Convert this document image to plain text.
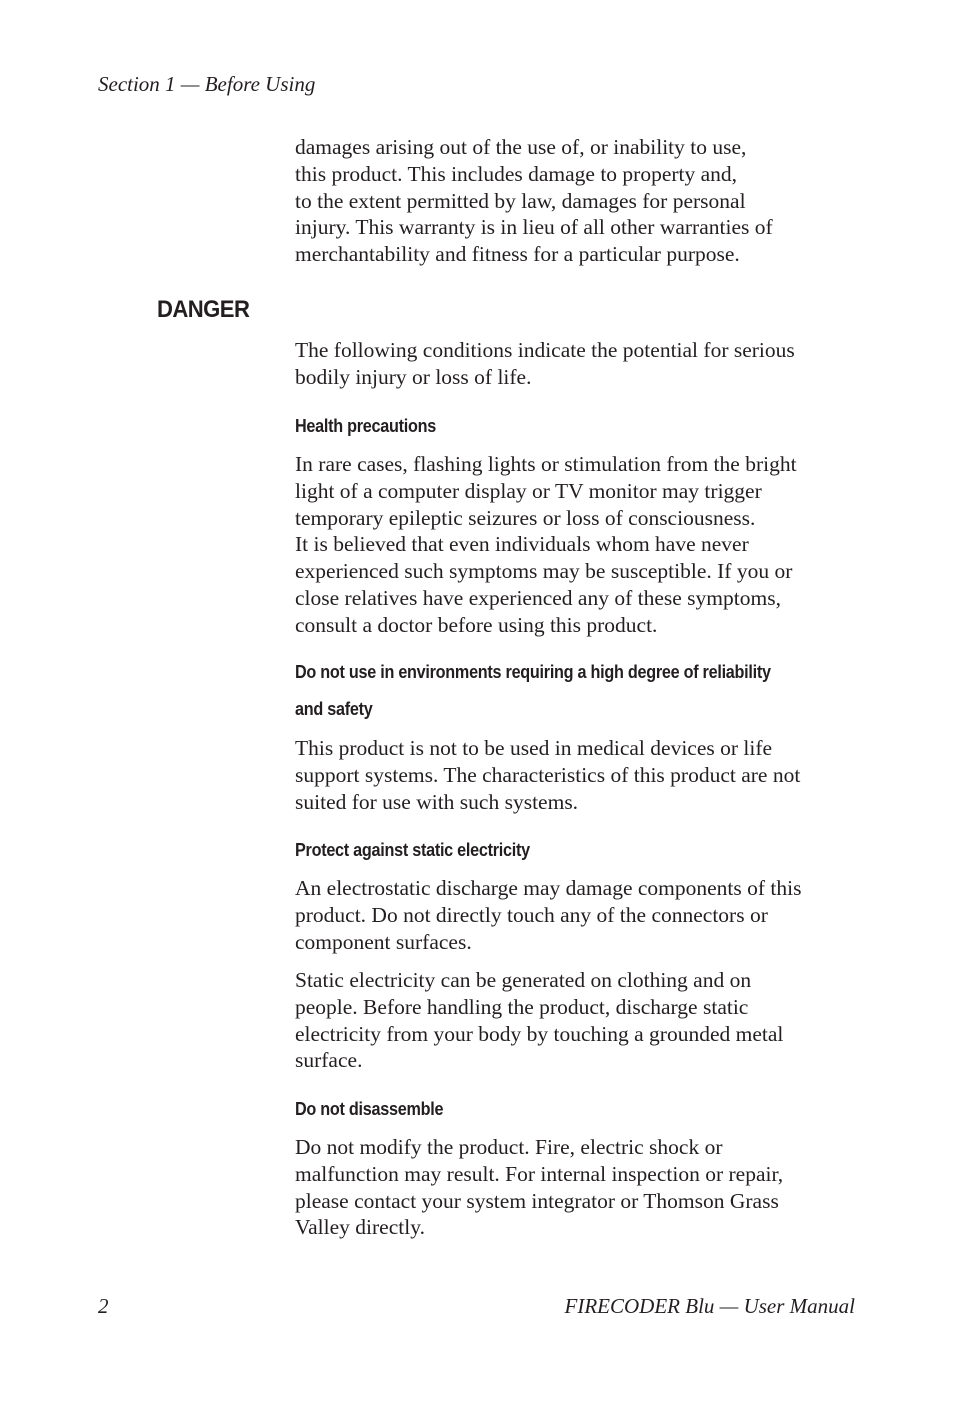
Section 1 — Before Using

damages arising out of the use of, or inability to use,
this product. This includes damage to property and,
to the extent permitted by law, damages for personal
injury. This warranty is in lieu of all other warranties of
merchantability and fitness for a particular purpose.

DANGER

The following conditions indicate the potential for serious
bodily injury or loss of life.

Health precautions

In rare cases, flashing lights or stimulation from the bright
light of a computer display or TV monitor may trigger
temporary epileptic seizures or loss of consciousness.
It is believed that even individuals whom have never
experienced such symptoms may be susceptible. If you or
close relatives have experienced any of these symptoms,
consult a doctor before using this product.

Do not use in environments requiring a high degree of reliability
and safety

This product is not to be used in medical devices or life
support systems. The characteristics of this product are not
suited for use with such systems.

Protect against static electricity

An electrostatic discharge may damage components of this
product. Do not directly touch any of the connectors or
component surfaces.

Static electricity can be generated on clothing and on
people. Before handling the product, discharge static
electricity from your body by touching a grounded metal
surface.

Do not disassemble

Do not modify the product. Fire, electric shock or
malfunction may result. For internal inspection or repair,
please contact your system integrator or Thomson Grass
Valley directly.

2	FIRECODER Blu — User Manual
